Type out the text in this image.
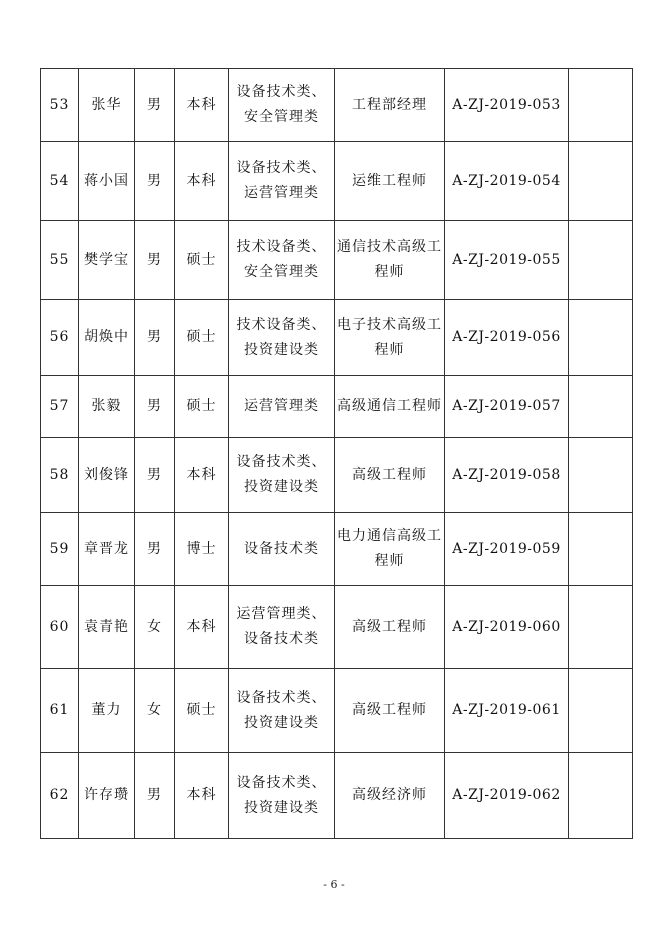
53	张华	男	本科	设备技术类、安全管理类	工程部经理	A-ZJ-2019-053	
54	蒋小国	男	本科	设备技术类、运营管理类	运维工程师	A-ZJ-2019-054	
55	樊学宝	男	硕士	技术设备类、安全管理类	通信技术高级工程师	A-ZJ-2019-055	
56	胡焕中	男	硕士	技术设备类、投资建设类	电子技术高级工程师	A-ZJ-2019-056	
57	张毅	男	硕士	运营管理类	高级通信工程师	A-ZJ-2019-057	
58	刘俊锋	男	本科	设备技术类、投资建设类	高级工程师	A-ZJ-2019-058	
59	章晋龙	男	博士	设备技术类	电力通信高级工程师	A-ZJ-2019-059	
60	袁青艳	女	本科	运营管理类、设备技术类	高级工程师	A-ZJ-2019-060	
61	董力	女	硕士	设备技术类、投资建设类	高级工程师	A-ZJ-2019-061	
62	许存瓒	男	本科	设备技术类、投资建设类	高级经济师	A-ZJ-2019-062	
- 6 -
